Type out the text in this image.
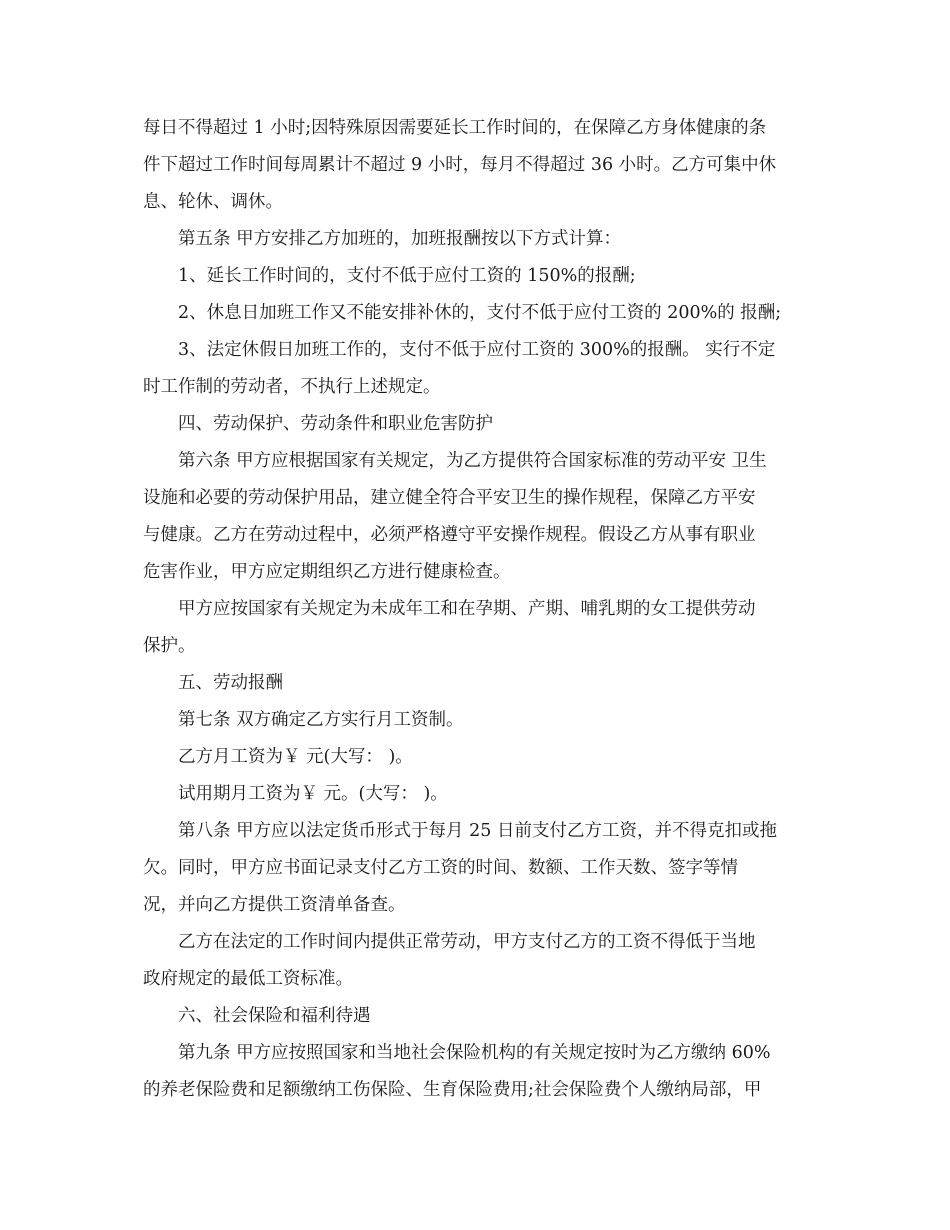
每日不得超过 1 小时;因特殊原因需要延长工作时间的，在保障乙方身体健康的条
件下超过工作时间每周累计不超过 9 小时，每月不得超过 36 小时。乙方可集中休
息、轮休、调休。
第五条 甲方安排乙方加班的，加班报酬按以下方式计算：
1、延长工作时间的，支付不低于应付工资的 150%的报酬;
2、休息日加班工作又不能安排补休的，支付不低于应付工资的 200%的 报酬;
3、法定休假日加班工作的，支付不低于应付工资的 300%的报酬。 实行不定
时工作制的劳动者，不执行上述规定。
四、劳动保护、劳动条件和职业危害防护
第六条 甲方应根据国家有关规定，为乙方提供符合国家标准的劳动平安 卫生
设施和必要的劳动保护用品，建立健全符合平安卫生的操作规程，保障乙方平安
与健康。乙方在劳动过程中，必须严格遵守平安操作规程。假设乙方从事有职业
危害作业，甲方应定期组织乙方进行健康检查。
甲方应按国家有关规定为未成年工和在孕期、产期、哺乳期的女工提供劳动
保护。
五、劳动报酬
第七条 双方确定乙方实行月工资制。
乙方月工资为￥ 元(大写： )。
试用期月工资为￥ 元。(大写： )。
第八条 甲方应以法定货币形式于每月 25 日前支付乙方工资，并不得克扣或拖
欠。同时，甲方应书面记录支付乙方工资的时间、数额、工作天数、签字等情
况，并向乙方提供工资清单备查。
乙方在法定的工作时间内提供正常劳动，甲方支付乙方的工资不得低于当地
政府规定的最低工资标准。
六、社会保险和福利待遇
第九条 甲方应按照国家和当地社会保险机构的有关规定按时为乙方缴纳 60%
的养老保险费和足额缴纳工伤保险、生育保险费用;社会保险费个人缴纳局部，甲
